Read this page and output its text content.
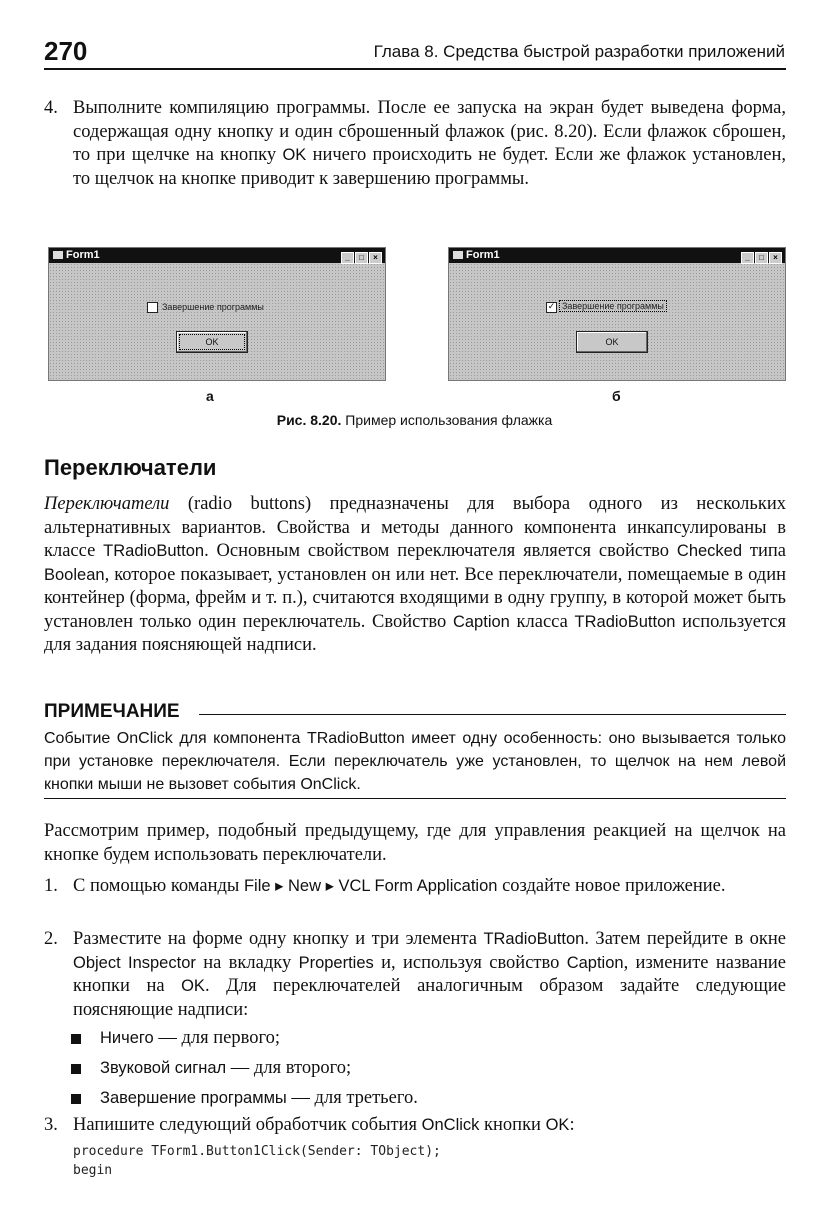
270	Глава 8. Средства быстрой разработки приложений
4. Выполните компиляцию программы. После ее запуска на экран будет выведена форма, содержащая одну кнопку и один сброшенный флажок (рис. 8.20). Если флажок сброшен, то при щелчке на кнопку OK ничего происходить не будет. Если же флажок установлен, то щелчок на кнопке приводит к завершению программы.
Form1	_ □ ×
Завершение программы
OK
Form1	_ □ ×
✓ Завершение программы
OK
а	б
Рис. 8.20. Пример использования флажка
Переключатели
Переключатели (radio buttons) предназначены для выбора одного из нескольких альтернативных вариантов. Свойства и методы данного компонента инкапсулированы в классе TRadioButton. Основным свойством переключателя является свойство Checked типа Boolean, которое показывает, установлен он или нет. Все переключатели, помещаемые в один контейнер (форма, фрейм и т. п.), считаются входящими в одну группу, в которой может быть установлен только один переключатель. Свойство Caption класса TRadioButton используется для задания поясняющей надписи.
ПРИМЕЧАНИЕ
Событие OnClick для компонента TRadioButton имеет одну особенность: оно вызывается только при установке переключателя. Если переключатель уже установлен, то щелчок на нем левой кнопки мыши не вызовет события OnClick.
Рассмотрим пример, подобный предыдущему, где для управления реакцией на щелчок на кнопке будем использовать переключатели.
1. С помощью команды File ▸ New ▸ VCL Form Application создайте новое приложение.
2. Разместите на форме одну кнопку и три элемента TRadioButton. Затем перейдите в окне Object Inspector на вкладку Properties и, используя свойство Caption, измените название кнопки на OK. Для переключателей аналогичным образом задайте следующие поясняющие надписи:
Ничего — для первого;
Звуковой сигнал — для второго;
Завершение программы — для третьего.
3. Напишите следующий обработчик события OnClick кнопки OK:
procedure TForm1.Button1Click(Sender: TObject);
begin
